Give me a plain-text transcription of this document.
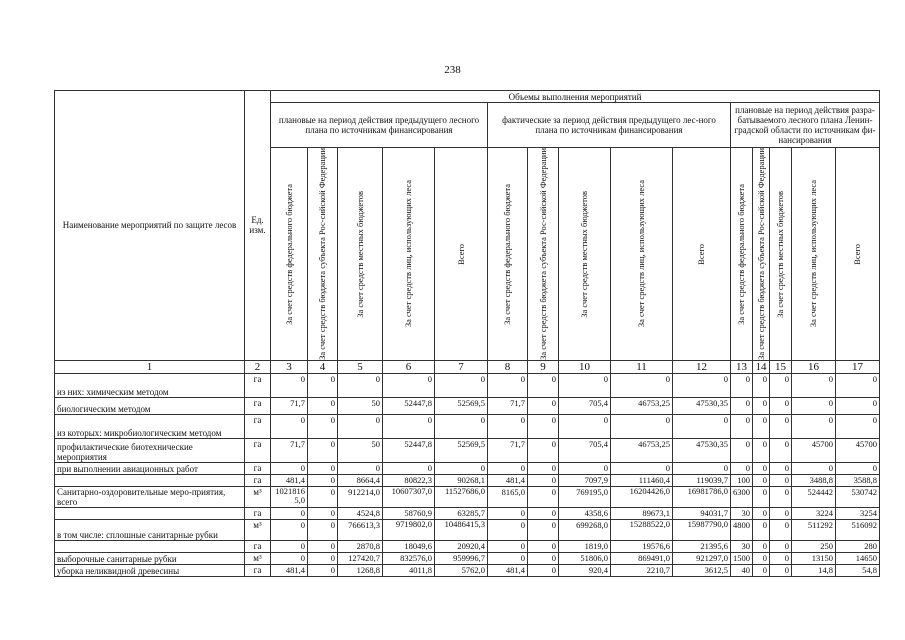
238
Наименование мероприятий по защите лесов	Ед. изм.	Объемы выполнения мероприятий														
		плановые на период действия предыдущего лесного плана по источникам финансирования					фактические за период действия предыдущего лес-ного плана по источникам финансирования					плановые на период действия разра-батываемого лесного плана Ленин-градской области по источникам фи-нансирования				

		За счет средств федерального бюджета	За счет средств бюджета субъекта Рос-сийской Федерации	За счет средств местных бюджетов	За счет средств лиц, использующих леса	Всего	За счет средств федерального бюджета	За счет средств бюджета субъекта Рос-сийской Федерации	За счет средств местных бюджетов	За счет средств лиц, использующих леса	Всего	За счет средств федерального бюджета	За счет средств бюджета субъекта Рос-сийской Федерации	За счет средств местных бюджетов	За счет средств лиц, использующих леса	Всего

1	2	3	4	5	6	7	8	9	10	11	12	13	14	15	16	17
из них: химическим методом	га	0	0	0	0	0	0	0	0	0	0	0	0	0	0	0
биологическим методом	га	71,7	0	50	52447,8	52569,5	71,7	0	705,4	46753,25	47530,35	0	0	0	0	0
из которых: микробиологическим методом	га	0	0	0	0	0	0	0	0	0	0	0	0	0	0	0
профилактические биотехнические мероприятия	га	71,7	0	50	52447,8	52569,5	71,7	0	705,4	46753,25	47530,35	0	0	0	45700	45700
при выполнении авиационных работ	га	0	0	0	0	0	0	0	0	0	0	0	0	0	0	0
	га	481,4	0	8664,4	80822,3	90268,1	481,4	0	7097,9	111460,4	119039,7	100	0	0	3488,8	3588,8
Санитарно-оздоровительные меро-приятия, всего	м³	10218165,0	0	912214,0	10607307,0	11527686,0	8165,0	0	769195,0	16204426,0	16981786,0	6300	0	0	524442	530742
	га	0	0	4524,8	58760,9	63285,7	0	0	4358,6	89673,1	94031,7	30	0	0	3224	3254
в том числе: сплошные санитарные рубки	м³	0	0	766613,3	9719802,0	10486415,3	0	0	699268,0	15288522,0	15987790,0	4800	0	0	511292	516092
	га	0	0	2870,8	18049,6	20920,4	0	0	1819,0	19576,6	21395,6	30	0	0	250	280
выборочные санитарные рубки	м³	0	0	127420,7	832576,0	959996,7	0	0	51806,0	869491,0	921297,0	1500	0	0	13150	14650
уборка неликвидной древесины	га	481,4	0	1268,8	4011,8	5762,0	481,4	0	920,4	2210,7	3612,5	40	0	0	14,8	54,8
